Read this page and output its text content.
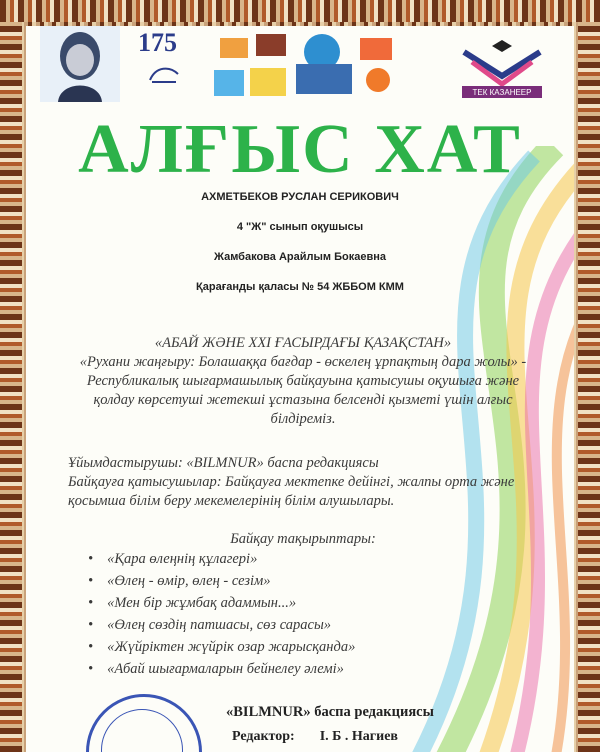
175
ТЕК КАЗАНЕЕР
АЛҒЫС ХАТ
АХМЕТБЕКОВ РУСЛАН СЕРИКОВИЧ
4 "Ж" сынып оқушысы
Жамбакова Арайлым Бокаевна
Қарағанды қаласы № 54 ЖББОМ КММ
«АБАЙ ЖӘНЕ XXI ҒАСЫРДАҒЫ ҚАЗАҚСТАН»
«Рухани жаңғыру: Болашаққа бағдар - өскелең ұрпақтың дара жолы» - Республикалық шығармашылық байқауына қатысушы оқушыға және қолдау көрсетуші жетекші ұстазына белсенді қызметі үшін алғыс білдіреміз.
Ұйымдастырушы: «BILMNUR» баспа редакциясы
Байқауға қатысушылар: Байқауға мектепке дейінгі, жалпы орта және қосымша білім беру мекемелерінің білім алушылары.
Байқау тақырыптары:
• «Қара өлеңнің құлагері»
• «Өлең - өмір, өлең - сезім»
• «Мен бір жұмбақ адаммын...»
• «Өлең сөздің патшасы, сөз сарасы»
• «Жүйріктен жүйрік озар жарысқанда»
• «Абай шығармаларын бейнелеу әлемі»
«BILMNUR» баспа редакциясы
Редактор: І. Б . Нагиев
